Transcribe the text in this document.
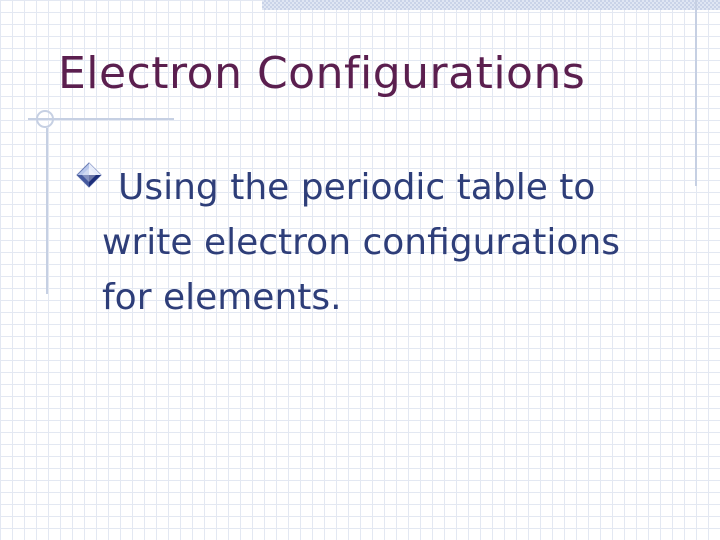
Electron Configurations

Using the periodic table to write electron configurations for elements.
